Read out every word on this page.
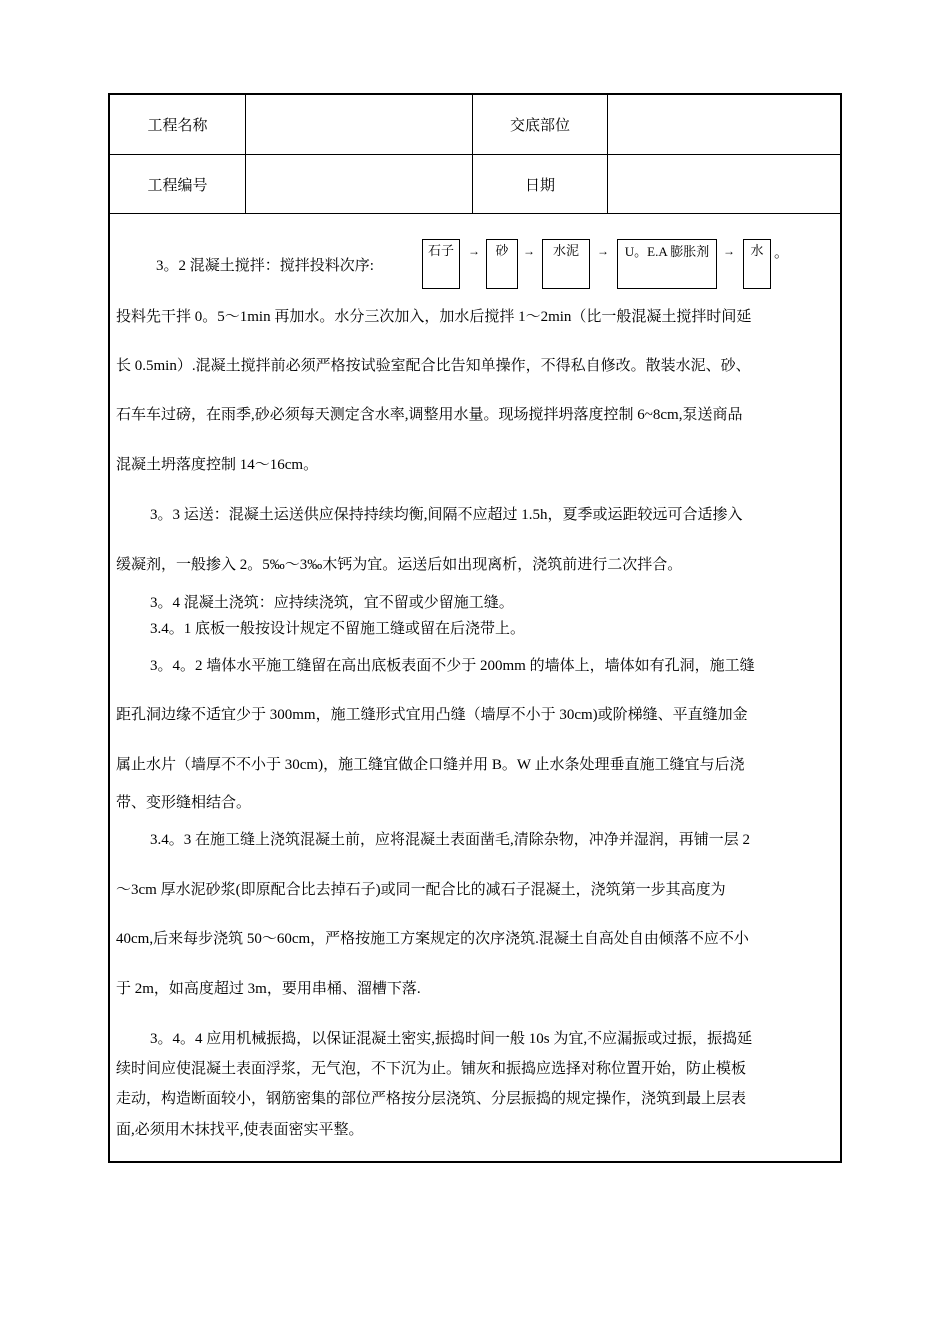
工程名称	交底部位
工程编号	日期
3。2 混凝土搅拌：搅拌投料次序:
石子	→	砂	→	水泥	→	U。E.A 膨胀剂	→	水 。
投料先干拌 0。5～1min 再加水。水分三次加入，加水后搅拌 1～2min（比一般混凝土搅拌时间延
长 0.5min）.混凝土搅拌前必须严格按试验室配合比告知单操作，不得私自修改。散装水泥、砂、
石车车过磅，在雨季,砂必须每天测定含水率,调整用水量。现场搅拌坍落度控制 6~8cm,泵送商品
混凝土坍落度控制 14～16cm。
3。3 运送：混凝土运送供应保持持续均衡,间隔不应超过 1.5h，夏季或运距较远可合适掺入
缓凝剂，一般掺入 2。5‰～3‰木钙为宜。运送后如出现离析，浇筑前进行二次拌合。
3。4 混凝土浇筑：应持续浇筑，宜不留或少留施工缝。
3.4。1 底板一般按设计规定不留施工缝或留在后浇带上。
3。4。2 墙体水平施工缝留在高出底板表面不少于 200mm 的墙体上，墙体如有孔洞，施工缝
距孔洞边缘不适宜少于 300mm，施工缝形式宜用凸缝（墙厚不小于 30cm)或阶梯缝、平直缝加金
属止水片（墙厚不不小于 30cm)，施工缝宜做企口缝并用 B。W 止水条处理垂直施工缝宜与后浇
带、变形缝相结合。
3.4。3 在施工缝上浇筑混凝土前，应将混凝土表面凿毛,清除杂物，冲净并湿润，再铺一层 2
～3cm 厚水泥砂浆(即原配合比去掉石子)或同一配合比的减石子混凝土，浇筑第一步其高度为
40cm,后来每步浇筑 50～60cm，严格按施工方案规定的次序浇筑.混凝土自高处自由倾落不应不小
于 2m，如高度超过 3m，要用串桶、溜槽下落.
3。4。4 应用机械振捣，以保证混凝土密实,振捣时间一般 10s 为宜,不应漏振或过振，振捣延
续时间应使混凝土表面浮浆，无气泡，不下沉为止。铺灰和振捣应选择对称位置开始，防止模板
走动，构造断面较小，钢筋密集的部位严格按分层浇筑、分层振捣的规定操作，浇筑到最上层表
面,必须用木抹找平,使表面密实平整。
